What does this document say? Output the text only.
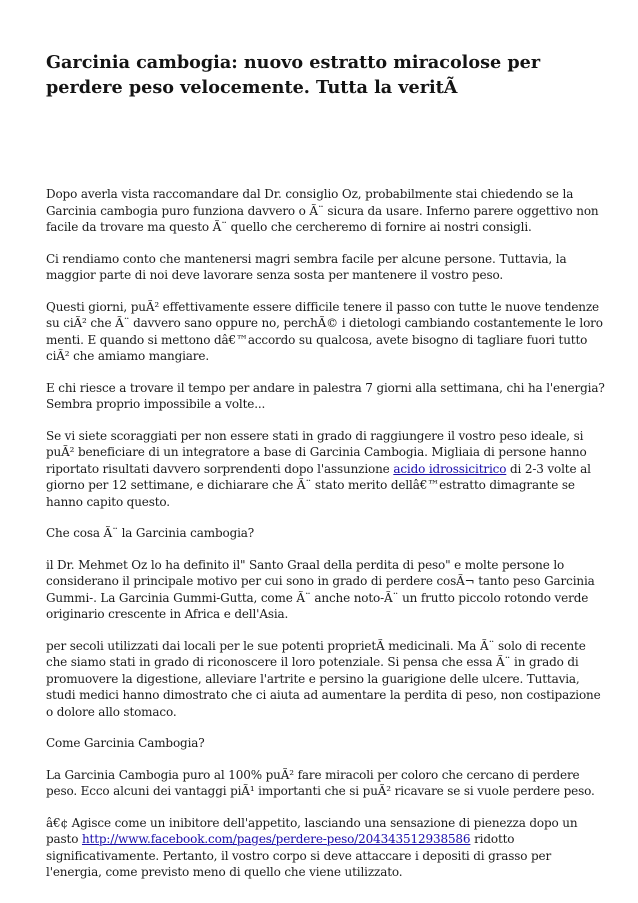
Garcinia cambogia: nuovo estratto miracolose per perdere peso velocemente. Tutta la veritÃ

Dopo averla vista raccomandare dal Dr. consiglio Oz, probabilmente stai chiedendo se la Garcinia cambogia puro funziona davvero o Ã¨ sicura da usare. Inferno parere oggettivo non facile da trovare ma questo Ã¨ quello che cercheremo di fornire ai nostri consigli.

Ci rendiamo conto che mantenersi magri sembra facile per alcune persone. Tuttavia, la maggior parte di noi deve lavorare senza sosta per mantenere il vostro peso.

Questi giorni, puÃ² effettivamente essere difficile tenere il passo con tutte le nuove tendenze su ciÃ² che Ã¨ davvero sano oppure no, perchÃ© i dietologi cambiando costantemente le loro menti. E quando si mettono dâ€™accordo su qualcosa, avete bisogno di tagliare fuori tutto ciÃ² che amiamo mangiare.

E chi riesce a trovare il tempo per andare in palestra 7 giorni alla settimana, chi ha l'energia? Sembra proprio impossibile a volte...

Se vi siete scoraggiati per non essere stati in grado di raggiungere il vostro peso ideale, si puÃ² beneficiare di un integratore a base di Garcinia Cambogia. Migliaia di persone hanno riportato risultati davvero sorprendenti dopo l'assunzione acido idrossicitrico di 2-3 volte al giorno per 12 settimane, e dichiarare che Ã¨ stato merito dellâ€™estratto dimagrante se hanno capito questo.

Che cosa Ã¨ la Garcinia cambogia?

il Dr. Mehmet Oz lo ha definito il" Santo Graal della perdita di peso" e molte persone lo considerano il principale motivo per cui sono in grado di perdere cosÃ¬ tanto peso Garcinia Gummi-. La Garcinia Gummi-Gutta, come Ã¨ anche noto-Ã¨ un frutto piccolo rotondo verde originario crescente in Africa e dell'Asia.

per secoli utilizzati dai locali per le sue potenti proprietÃ medicinali. Ma Ã¨ solo di recente che siamo stati in grado di riconoscere il loro potenziale. Si pensa che essa Ã¨ in grado di promuovere la digestione, alleviare l'artrite e persino la guarigione delle ulcere. Tuttavia, studi medici hanno dimostrato che ci aiuta ad aumentare la perdita di peso, non costipazione o dolore allo stomaco.

Come Garcinia Cambogia?

La Garcinia Cambogia puro al 100% puÃ² fare miracoli per coloro che cercano di perdere peso. Ecco alcuni dei vantaggi piÃ¹ importanti che si puÃ² ricavare se si vuole perdere peso.

â€¢ Agisce come un inibitore dell'appetito, lasciando una sensazione di pienezza dopo un pasto http://www.facebook.com/pages/perdere-peso/204343512938586 ridotto significativamente. Pertanto, il vostro corpo si deve attaccare i depositi di grasso per l'energia, come previsto meno di quello che viene utilizzato.
